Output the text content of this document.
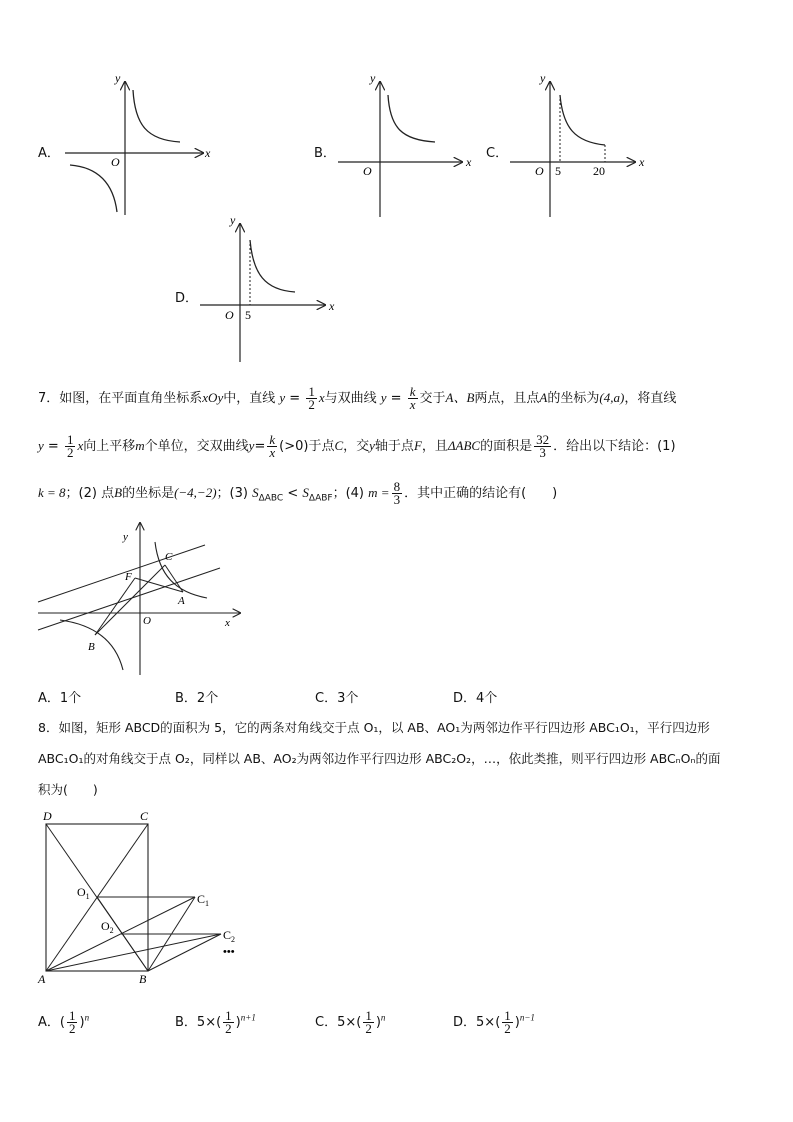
A．
y
x
O
B．
y
x
O
C．
y
x
O 5	20
D．
y
x
O 5
7．如图，在平面直角坐标系xOy中，直线 $y = \frac{1}{2}$ x与双曲线 $y = \frac{k}{x}$ 交于A、B两点，且点A的坐标为(4,a)，将直线
$y = \frac{1}{2}$ x向上平移m个单位，交双曲线$y= \frac{k}{x} (>0)$于点C，交y轴于点F，且ΔABC的面积是 $\frac{32}{3}$ ．给出以下结论：(1)
k = 8；(2) 点B的坐标是(−4,−2)；(3) $S_{\Delta ABC} < S_{\Delta ABF}$；(4) $m = \frac{8}{3}$ ．其中正确的结论有(　　)
y
x
O
C
F
A
B
A．1个	B．2个	C．3个	D．4个
8．如图，矩形 ABCD的面积为 5，它的两条对角线交于点 O₁，以 AB、AO₁为两邻边作平行四边形 ABC₁O₁，平行四边形
ABC₁O₁的对角线交于点 O₂，同样以 AB、AO₂为两邻边作平行四边形 ABC₂O₂，…，依此类推，则平行四边形 ABCₙOₙ的面
积为(　　)
D	C
$O_1$	$C_1$
$O_2$	$C_2$
•••
A	B
A．( $\frac{1}{2} )^n$	B．$5\times( \frac{1}{2} )^{n+1}$	C．$5\times( \frac{1}{2} )^n$	D．$5\times( \frac{1}{2} )^{n-1}$
